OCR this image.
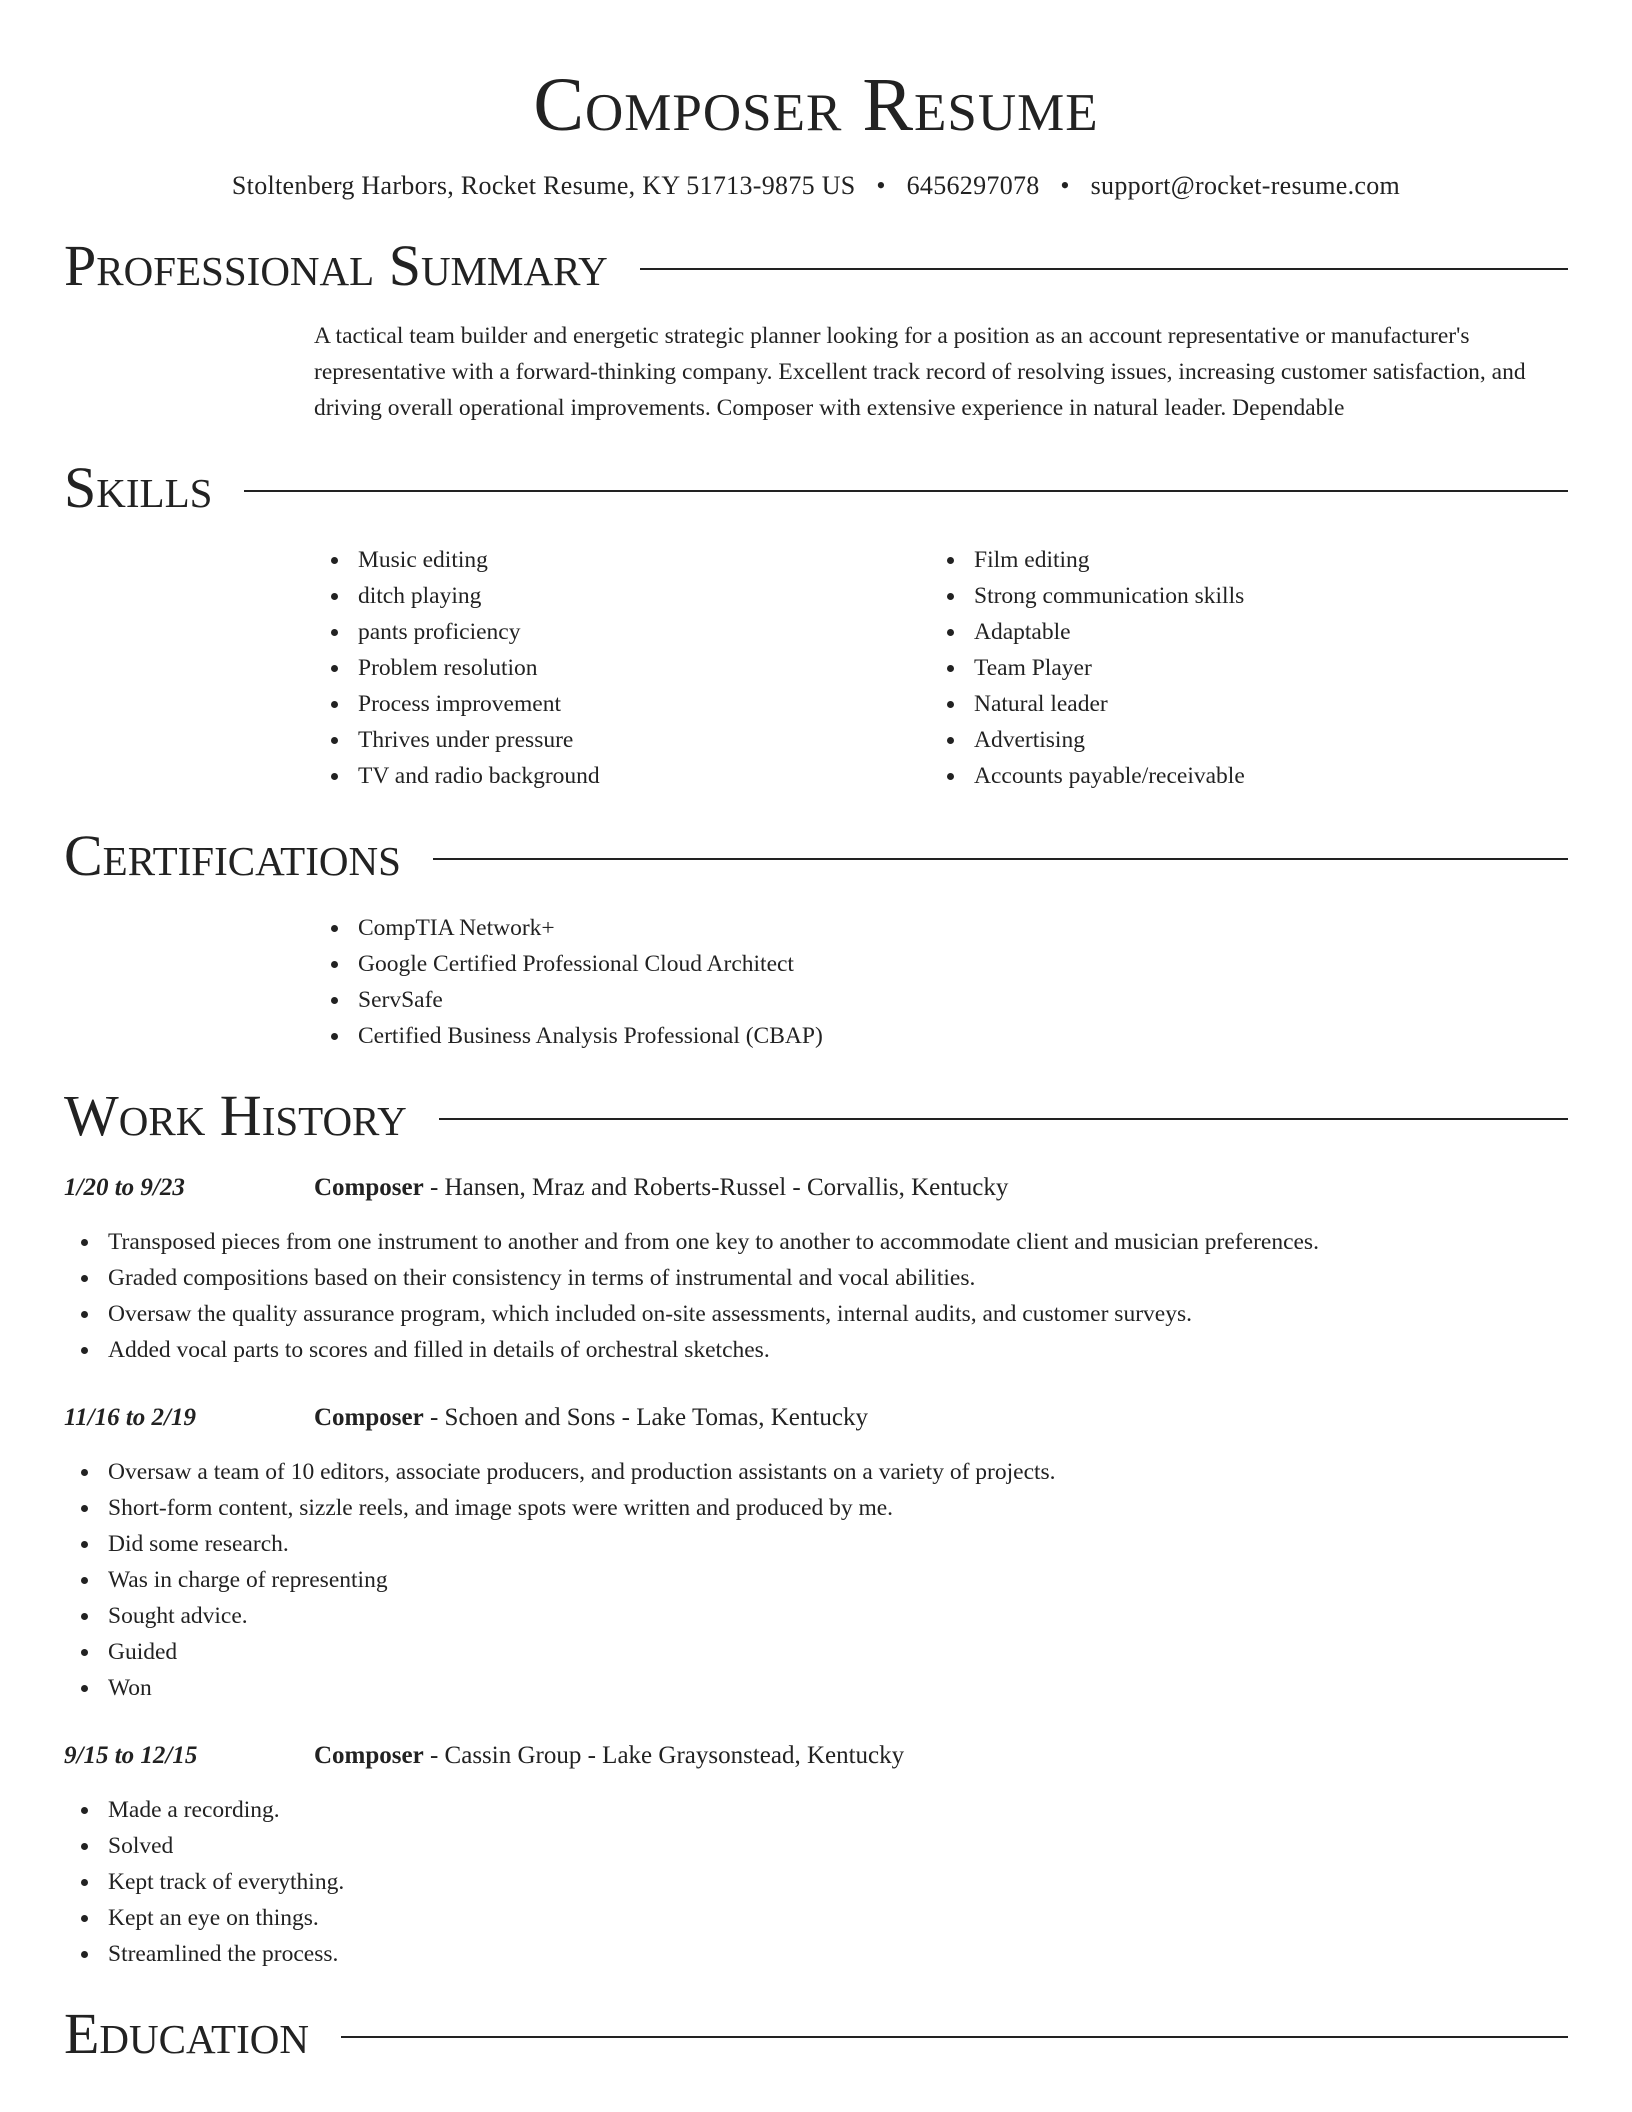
Composer Resume
Stoltenberg Harbors, Rocket Resume, KY 51713-9875 US • 6456297078 • support@rocket-resume.com
Professional Summary
A tactical team builder and energetic strategic planner looking for a position as an account representative or manufacturer's representative with a forward-thinking company. Excellent track record of resolving issues, increasing customer satisfaction, and driving overall operational improvements. Composer with extensive experience in natural leader. Dependable
Skills
Music editing
ditch playing
pants proficiency
Problem resolution
Process improvement
Thrives under pressure
TV and radio background
Film editing
Strong communication skills
Adaptable
Team Player
Natural leader
Advertising
Accounts payable/receivable
Certifications
CompTIA Network+
Google Certified Professional Cloud Architect
ServSafe
Certified Business Analysis Professional (CBAP)
Work History
1/20 to 9/23	Composer - Hansen, Mraz and Roberts-Russel - Corvallis, Kentucky
Transposed pieces from one instrument to another and from one key to another to accommodate client and musician preferences.
Graded compositions based on their consistency in terms of instrumental and vocal abilities.
Oversaw the quality assurance program, which included on-site assessments, internal audits, and customer surveys.
Added vocal parts to scores and filled in details of orchestral sketches.
11/16 to 2/19	Composer - Schoen and Sons - Lake Tomas, Kentucky
Oversaw a team of 10 editors, associate producers, and production assistants on a variety of projects.
Short-form content, sizzle reels, and image spots were written and produced by me.
Did some research.
Was in charge of representing
Sought advice.
Guided
Won
9/15 to 12/15	Composer - Cassin Group - Lake Graysonstead, Kentucky
Made a recording.
Solved
Kept track of everything.
Kept an eye on things.
Streamlined the process.
Education
